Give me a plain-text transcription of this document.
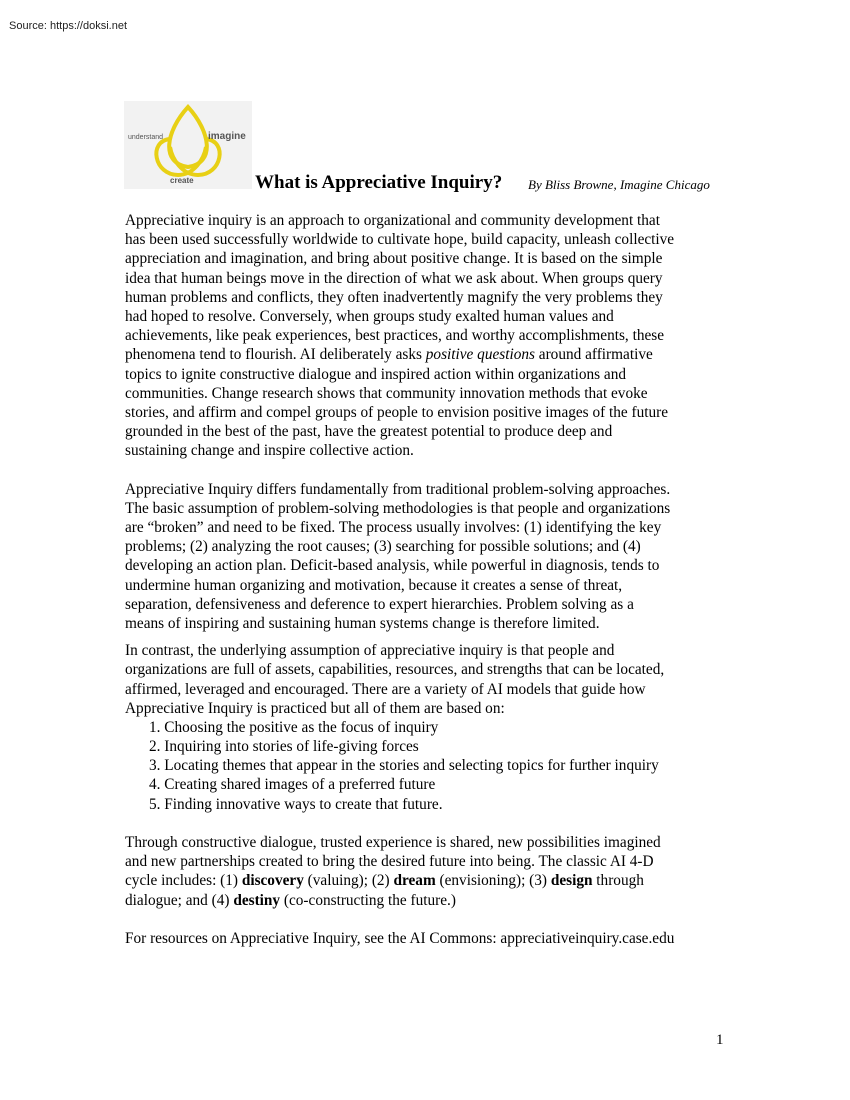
Source: https://doksi.net
understand	imagine
create	What is Appreciative Inquiry? By Bliss Browne, Imagine Chicago
Appreciative inquiry is an approach to organizational and community development that
has been used successfully worldwide to cultivate hope, build capacity, unleash collective
appreciation and imagination, and bring about positive change. It is based on the simple
idea that human beings move in the direction of what we ask about. When groups query
human problems and conflicts, they often inadvertently magnify the very problems they
had hoped to resolve. Conversely, when groups study exalted human values and
achievements, like peak experiences, best practices, and worthy accomplishments, these
phenomena tend to flourish. AI deliberately asks positive questions around affirmative
topics to ignite constructive dialogue and inspired action within organizations and
communities. Change research shows that community innovation methods that evoke
stories, and affirm and compel groups of people to envision positive images of the future
grounded in the best of the past, have the greatest potential to produce deep and
sustaining change and inspire collective action.
Appreciative Inquiry differs fundamentally from traditional problem-solving approaches.
The basic assumption of problem-solving methodologies is that people and organizations
are “broken” and need to be fixed. The process usually involves: (1) identifying the key
problems; (2) analyzing the root causes; (3) searching for possible solutions; and (4)
developing an action plan. Deficit-based analysis, while powerful in diagnosis, tends to
undermine human organizing and motivation, because it creates a sense of threat,
separation, defensiveness and deference to expert hierarchies. Problem solving as a
means of inspiring and sustaining human systems change is therefore limited.
In contrast, the underlying assumption of appreciative inquiry is that people and
organizations are full of assets, capabilities, resources, and strengths that can be located,
affirmed, leveraged and encouraged. There are a variety of AI models that guide how
Appreciative Inquiry is practiced but all of them are based on:
1. Choosing the positive as the focus of inquiry
2. Inquiring into stories of life-giving forces
3. Locating themes that appear in the stories and selecting topics for further inquiry
4. Creating shared images of a preferred future
5. Finding innovative ways to create that future.
Through constructive dialogue, trusted experience is shared, new possibilities imagined
and new partnerships created to bring the desired future into being. The classic AI 4-D
cycle includes: (1) discovery (valuing); (2) dream (envisioning); (3) design through
dialogue; and (4) destiny (co-constructing the future.)
For resources on Appreciative Inquiry, see the AI Commons: appreciativeinquiry.case.edu
1
